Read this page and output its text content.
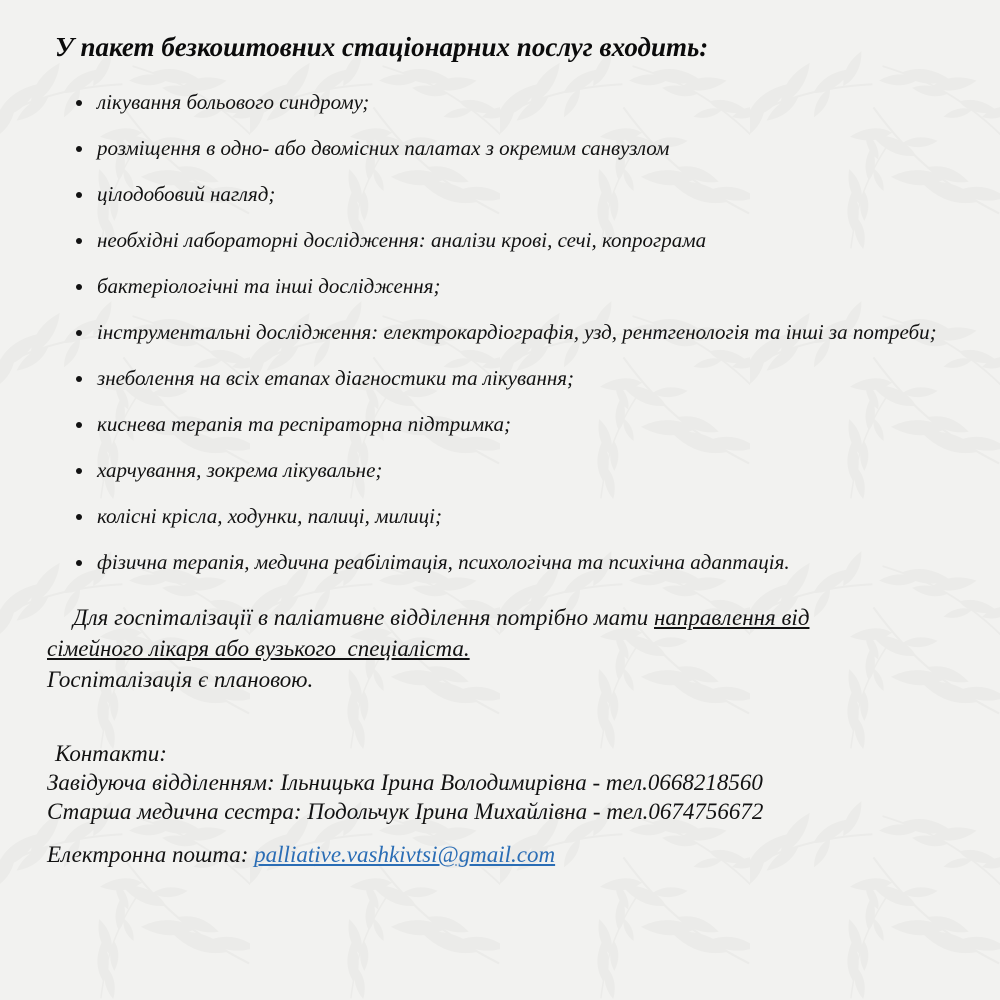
У пакет безкоштовних стаціонарних послуг входить:
• лікування больового синдрому;
• розміщення в одно- або двомісних палатах з окремим санвузлом
• цілодобовий нагляд;
• необхідні лабораторні дослідження: аналізи крові, сечі, копрограма
• бактеріологічні та інші дослідження;
• інструментальні дослідження: електрокардіографія, узд, рентгенологія та інші за потреби;
• знеболення на всіх етапах діагностики та лікування;
• киснева терапія та респіраторна підтримка;
• харчування, зокрема лікувальне;
• колісні крісла, ходунки, палиці, милиці;
• фізична терапія, медична реабілітація, психологічна та психічна адаптація.

Для госпіталізації в паліативне відділення потрібно мати направлення від
сімейного лікаря або вузького  спеціаліста.
Госпіталізація є плановою.

Контакти:

Завідуюча відділенням: Ільницька Ірина Володимирівна - тел.0668218560

Старша медична сестра: Подольчук Ірина Михайлівна - тел.0674756672

Електронна пошта: palliative.vashkivtsi@gmail.com
